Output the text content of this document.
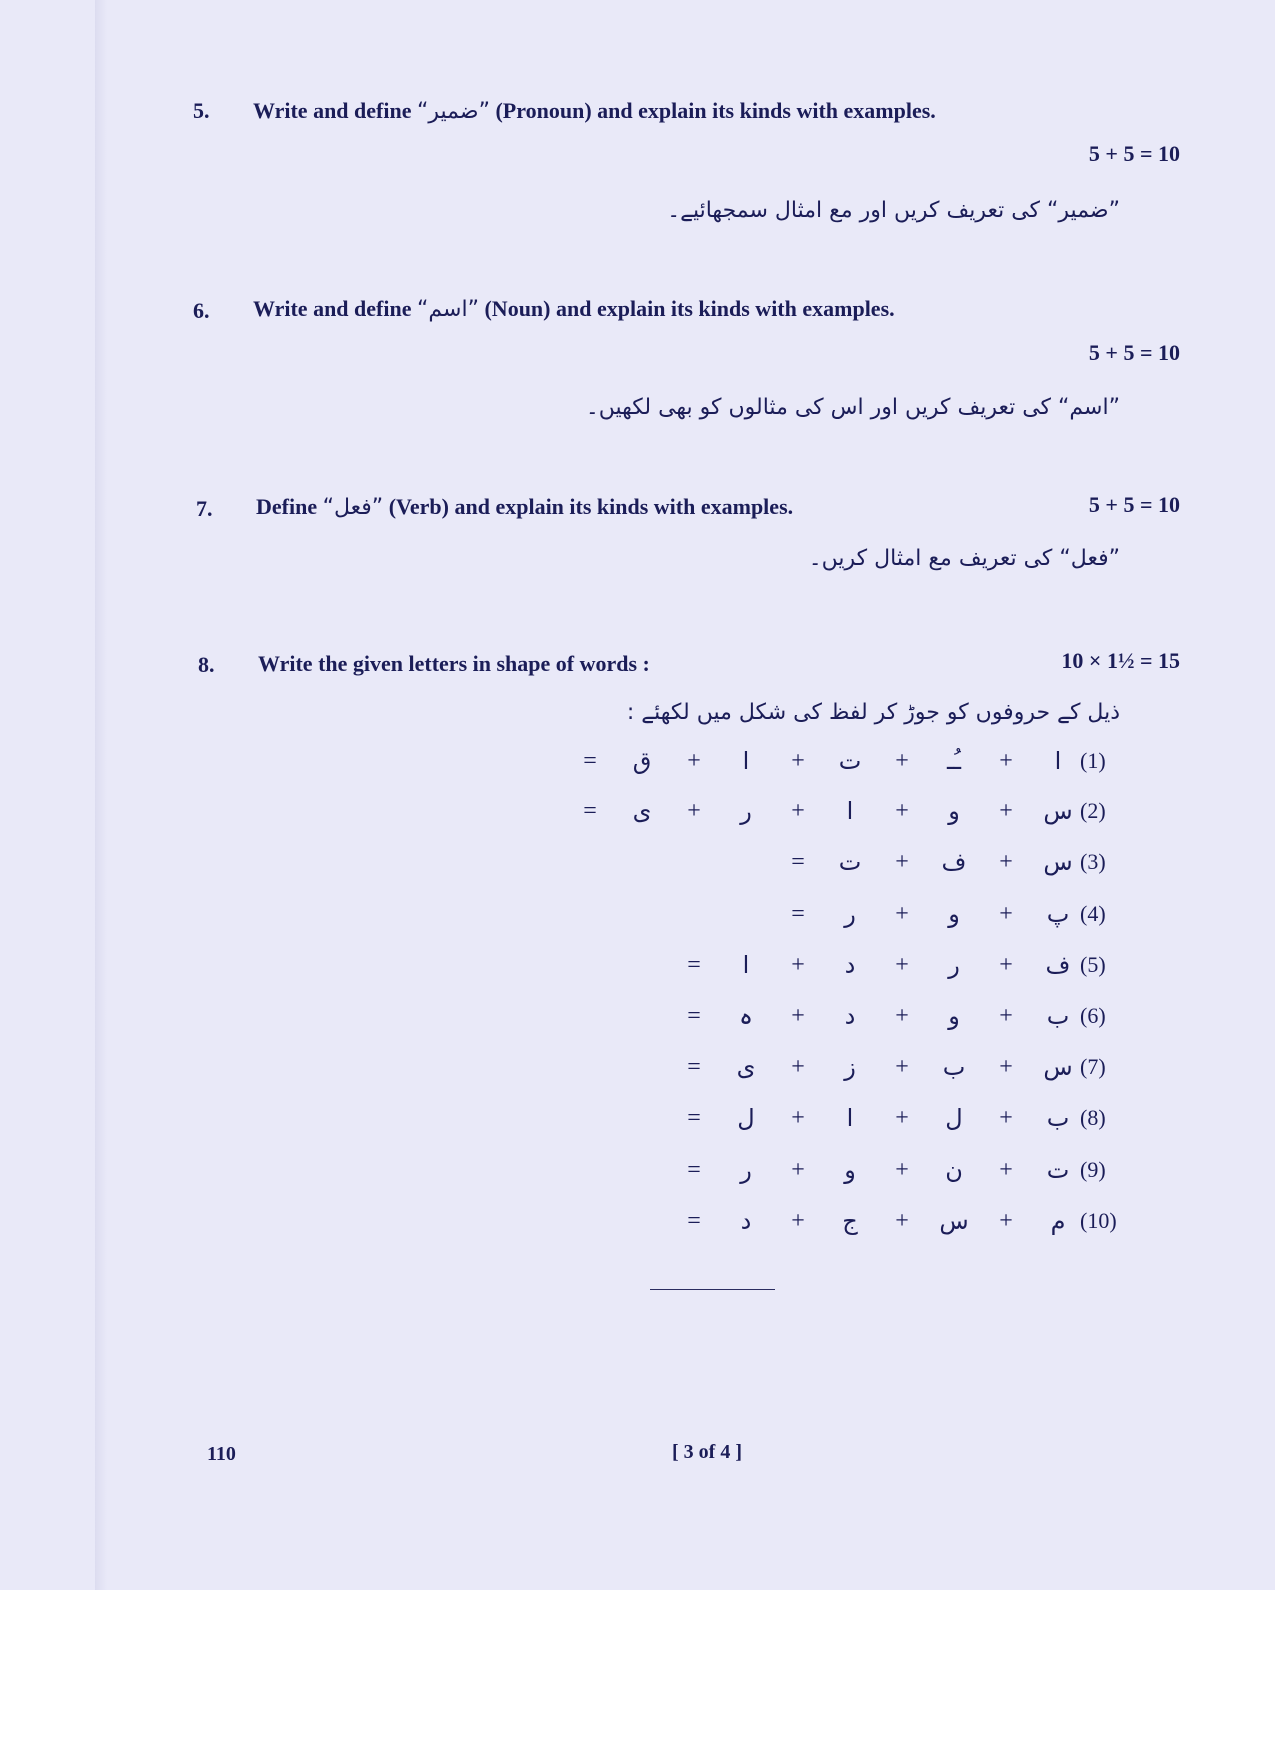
5. Write and define “ضمیر” (Pronoun) and explain its kinds with examples.
5 + 5 = 10
”ضمیر“ کی تعریف کریں اور مع امثال سمجھائیے۔
6. Write and define “اسم” (Noun) and explain its kinds with examples.
5 + 5 = 10
”اسم“ کی تعریف کریں اور اس کی مثالوں کو بھی لکھیں۔
7. Define “فعل” (Verb) and explain its kinds with examples.	5 + 5 = 10
”فعل“ کی تعریف مع امثال کریں۔
8. Write the given letters in shape of words :	10 × 1½ = 15
ذیل کے حروفوں کو جوڑ کر لفظ کی شکل میں لکھئے :
(1)
ا
+
ـُـ
+
ت
+
ا
+
ق
=
(2)
س
+
و
+
ا
+
ر
+
ی
=
(3)
س
+
ف
+
ت
=
(4)
پ
+
و
+
ر
=
(5)
ف
+
ر
+
د
+
ا
=
(6)
ب
+
و
+
د
+
ہ
=
(7)
س
+
ب
+
ز
+
ی
=
(8)
ب
+
ل
+
ا
+
ل
=
(9)
ت
+
ن
+
و
+
ر
=
(10)
م
+
س
+
ج
+
د
=
110	[ 3 of 4 ]
